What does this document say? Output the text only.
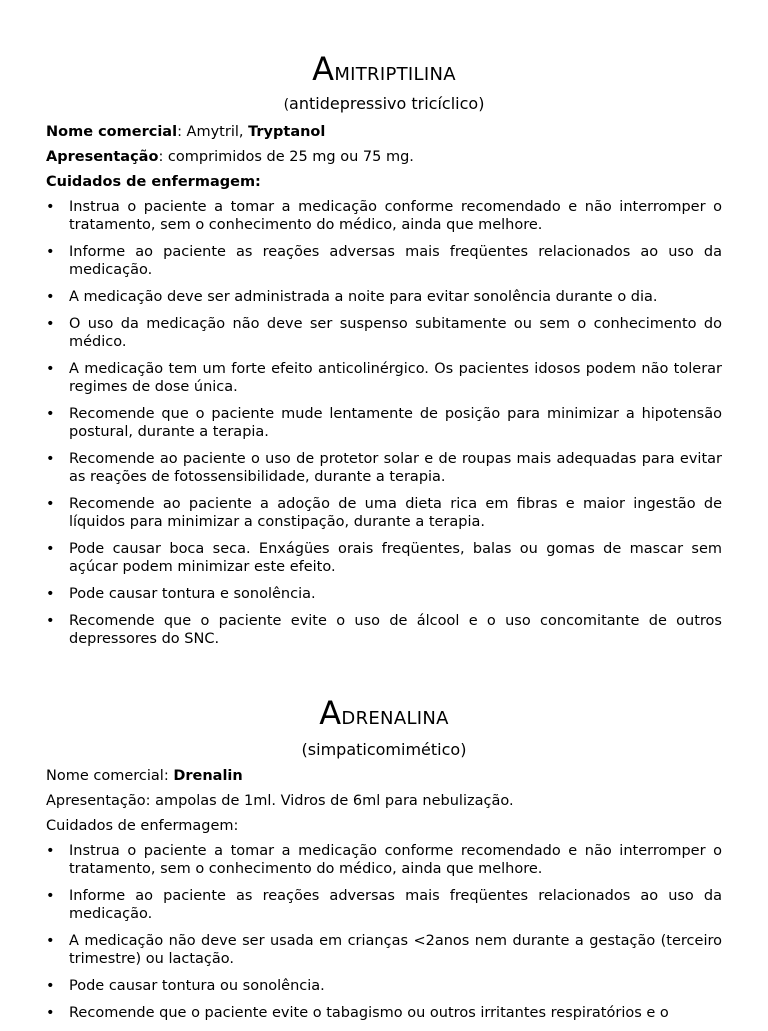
AMITRIPTILINA
(antidepressivo tricíclico)
Nome comercial: Amytril, Tryptanol
Apresentação: comprimidos de 25 mg ou 75 mg.
Cuidados de enfermagem:
• Instrua o paciente a tomar a medicação conforme recomendado e não interromper o tratamento, sem o conhecimento do médico, ainda que melhore.
• Informe ao paciente as reações adversas mais freqüentes relacionados ao uso da medicação.
• A medicação deve ser administrada a noite para evitar sonolência durante o dia.
• O uso da medicação não deve ser suspenso subitamente ou sem o conhecimento do médico.
• A medicação tem um forte efeito anticolinérgico. Os pacientes idosos podem não tolerar regimes de dose única.
• Recomende que o paciente mude lentamente de posição para minimizar a hipotensão postural, durante a terapia.
• Recomende ao paciente o uso de protetor solar e de roupas mais adequadas para evitar as reações de fotossensibilidade, durante a terapia.
• Recomende ao paciente a adoção de uma dieta rica em fibras e maior ingestão de líquidos para minimizar a constipação, durante a terapia.
• Pode causar boca seca. Enxágües orais freqüentes, balas ou gomas de mascar sem açúcar podem minimizar este efeito.
• Pode causar tontura e sonolência.
• Recomende que o paciente evite o uso de álcool e o uso concomitante de outros depressores do SNC.
ADRENALINA
(simpaticomimético)
Nome comercial: Drenalin
Apresentação: ampolas de 1ml. Vidros de 6ml para nebulização.
Cuidados de enfermagem:
• Instrua o paciente a tomar a medicação conforme recomendado e não interromper o tratamento, sem o conhecimento do médico, ainda que melhore.
• Informe ao paciente as reações adversas mais freqüentes relacionados ao uso da medicação.
• A medicação não deve ser usada em crianças <2anos nem durante a gestação (terceiro trimestre) ou lactação.
• Pode causar tontura ou sonolência.
• Recomende que o paciente evite o tabagismo ou outros irritantes respiratórios e o
